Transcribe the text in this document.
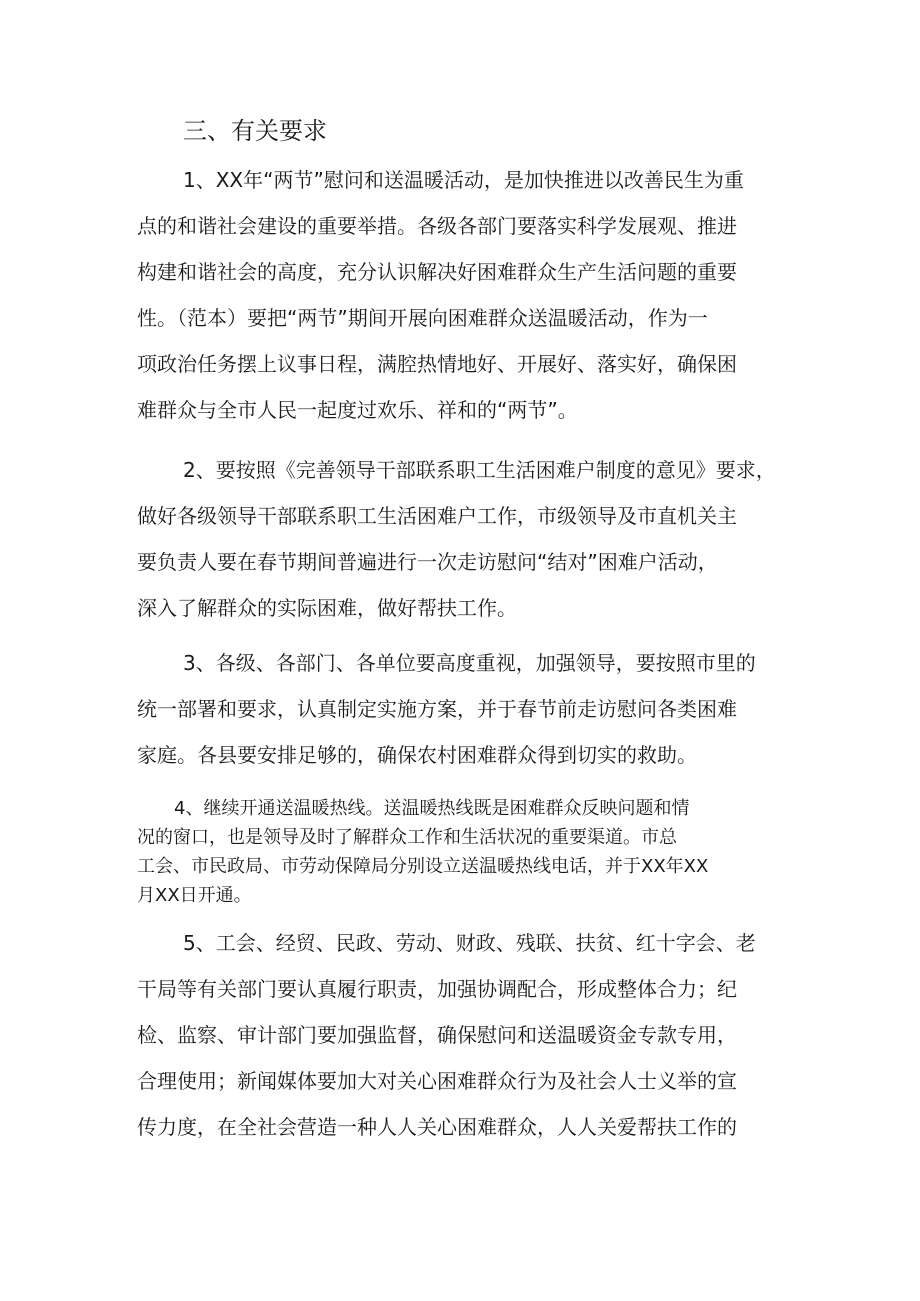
三、有关要求
1、XX年“两节”慰问和送温暖活动，是加快推进以改善民生为重
点的和谐社会建设的重要举措。各级各部门要落实科学发展观、推进
构建和谐社会的高度，充分认识解决好困难群众生产生活问题的重要
性。（范本）要把“两节”期间开展向困难群众送温暖活动，作为一
项政治任务摆上议事日程，满腔热情地好、开展好、落实好，确保困
难群众与全市人民一起度过欢乐、祥和的“两节”。
2、要按照《完善领导干部联系职工生活困难户制度的意见》要求，
做好各级领导干部联系职工生活困难户工作，市级领导及市直机关主
要负责人要在春节期间普遍进行一次走访慰问“结对”困难户活动，
深入了解群众的实际困难，做好帮扶工作。
3、各级、各部门、各单位要高度重视，加强领导，要按照市里的
统一部署和要求，认真制定实施方案，并于春节前走访慰问各类困难
家庭。各县要安排足够的，确保农村困难群众得到切实的救助。
4、继续开通送温暖热线。送温暖热线既是困难群众反映问题和情
况的窗口，也是领导及时了解群众工作和生活状况的重要渠道。市总
工会、市民政局、市劳动保障局分别设立送温暖热线电话，并于XX年XX
月XX日开通。
5、工会、经贸、民政、劳动、财政、残联、扶贫、红十字会、老
干局等有关部门要认真履行职责，加强协调配合，形成整体合力；纪
检、监察、审计部门要加强监督，确保慰问和送温暖资金专款专用，
合理使用；新闻媒体要加大对关心困难群众行为及社会人士义举的宣
传力度，在全社会营造一种人人关心困难群众，人人关爱帮扶工作的
